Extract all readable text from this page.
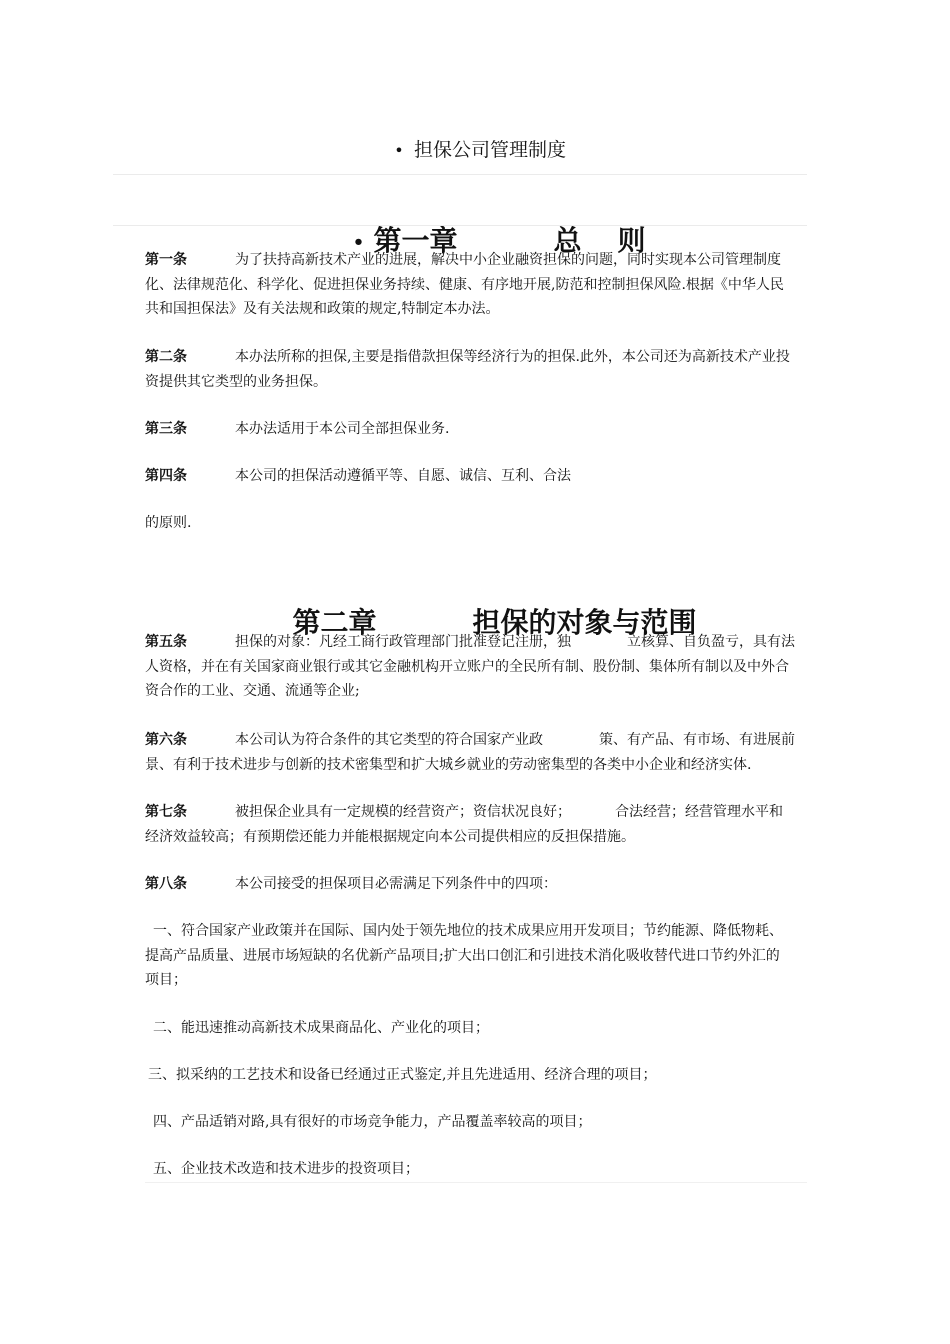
• 担保公司管理制度

• 第一章	总 则

第一条	为了扶持高新技术产业的进展，解决中小企业融资担保的问题，同时实现本公司管理制度
化、法律规范化、科学化、促进担保业务持续、健康、有序地开展,防范和控制担保风险.根据《中华人民
共和国担保法》及有关法规和政策的规定,特制定本办法。
第二条	本办法所称的担保,主要是指借款担保等经济行为的担保.此外，本公司还为高新技术产业投
资提供其它类型的业务担保。
第三条	本办法适用于本公司全部担保业务.
第四条	本公司的担保活动遵循平等、自愿、诚信、互利、合法
的原则.

第二章	担保的对象与范围

第五条	担保的对象：凡经工商行政管理部门批准登记注册，独	立核算、自负盈亏，具有法
人资格，并在有关国家商业银行或其它金融机构开立账户的全民所有制、股份制、集体所有制以及中外合
资合作的工业、交通、流通等企业;
第六条	本公司认为符合条件的其它类型的符合国家产业政	策、有产品、有市场、有进展前
景、有利于技术进步与创新的技术密集型和扩大城乡就业的劳动密集型的各类中小企业和经济实体.
第七条	被担保企业具有一定规模的经营资产；资信状况良好；	合法经营；经营管理水平和
经济效益较高；有预期偿还能力并能根据规定向本公司提供相应的反担保措施。
第八条	本公司接受的担保项目必需满足下列条件中的四项：
一、符合国家产业政策并在国际、国内处于领先地位的技术成果应用开发项目；节约能源、降低物耗、
提高产品质量、进展市场短缺的名优新产品项目;扩大出口创汇和引进技术消化吸收替代进口节约外汇的
项目；
二、能迅速推动高新技术成果商品化、产业化的项目；
三、拟采纳的工艺技术和设备已经通过正式鉴定,并且先进适用、经济合理的项目；
四、产品适销对路,具有很好的市场竞争能力，产品覆盖率较高的项目；
五、企业技术改造和技术进步的投资项目；
